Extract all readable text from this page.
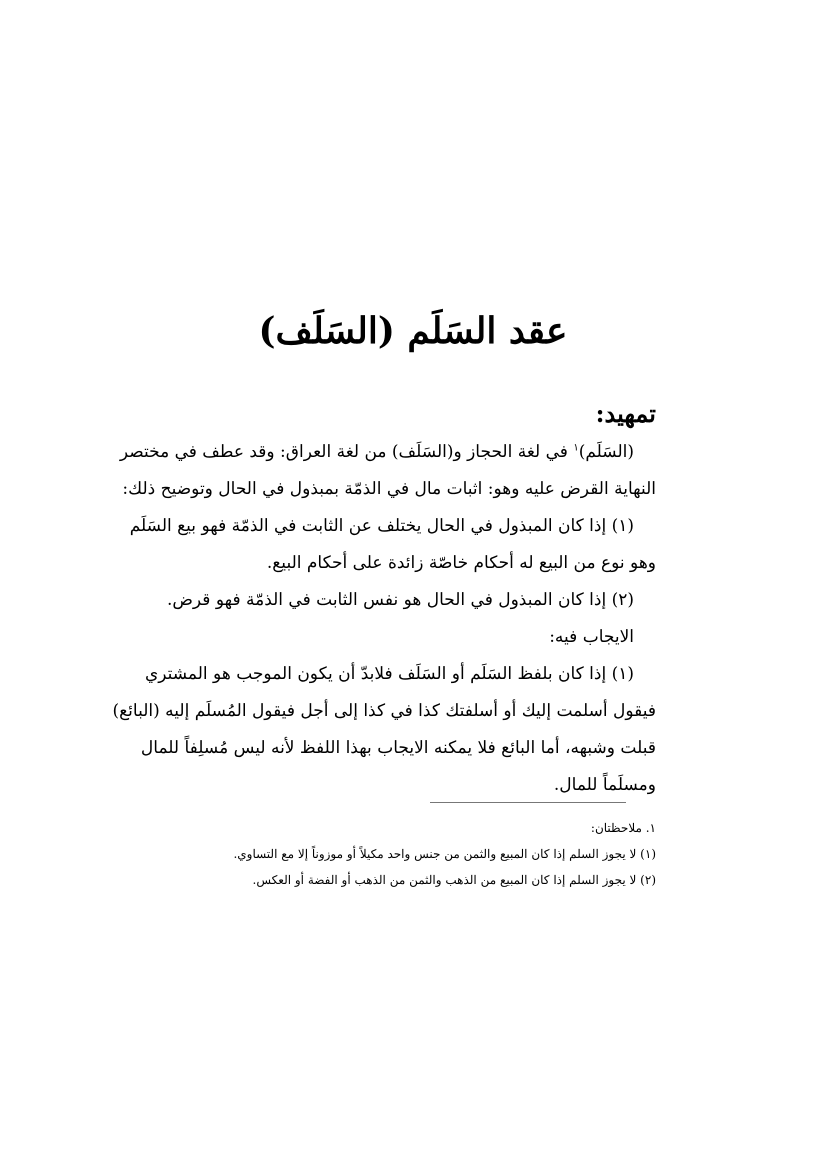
عقد السَلَم (السَلَف)
تمهيد:
(السَلَم)$^١$ في لغة الحجاز و(السَلَف) من لغة العراق: وقد عطف في مختصر
النهاية القرض عليه وهو: اثبات مال في الذمّة بمبذول في الحال وتوضيح ذلك:
(١) إذا كان المبذول في الحال يختلف عن الثابت في الذمّة فهو بيع السَلَم
وهو نوع من البيع له أحكام خاصّة زائدة على أحكام البيع.
(٢) إذا كان المبذول في الحال هو نفس الثابت في الذمّة فهو قرض.
الايجاب فيه:
(١) إذا كان بلفظ السَلَم أو السَلَف فلابدّ أن يكون الموجب هو المشتري
فيقول أسلمت إليك أو أسلفتك كذا في كذا إلى أجل فيقول المُسلَم إليه (البائع)
قبلت وشبهه، أما البائع فلا يمكنه الايجاب بهذا اللفظ لأنه ليس مُسلِفاً للمال
ومسلَماً للمال.
١. ملاحظتان:
(١) لا يجوز السلم إذا كان المبيع والثمن من جنس واحد مكيلاً أو موزوناً إلا مع التساوي.
(٢) لا يجوز السلم إذا كان المبيع من الذهب والثمن من الذهب أو الفضة أو العكس.
